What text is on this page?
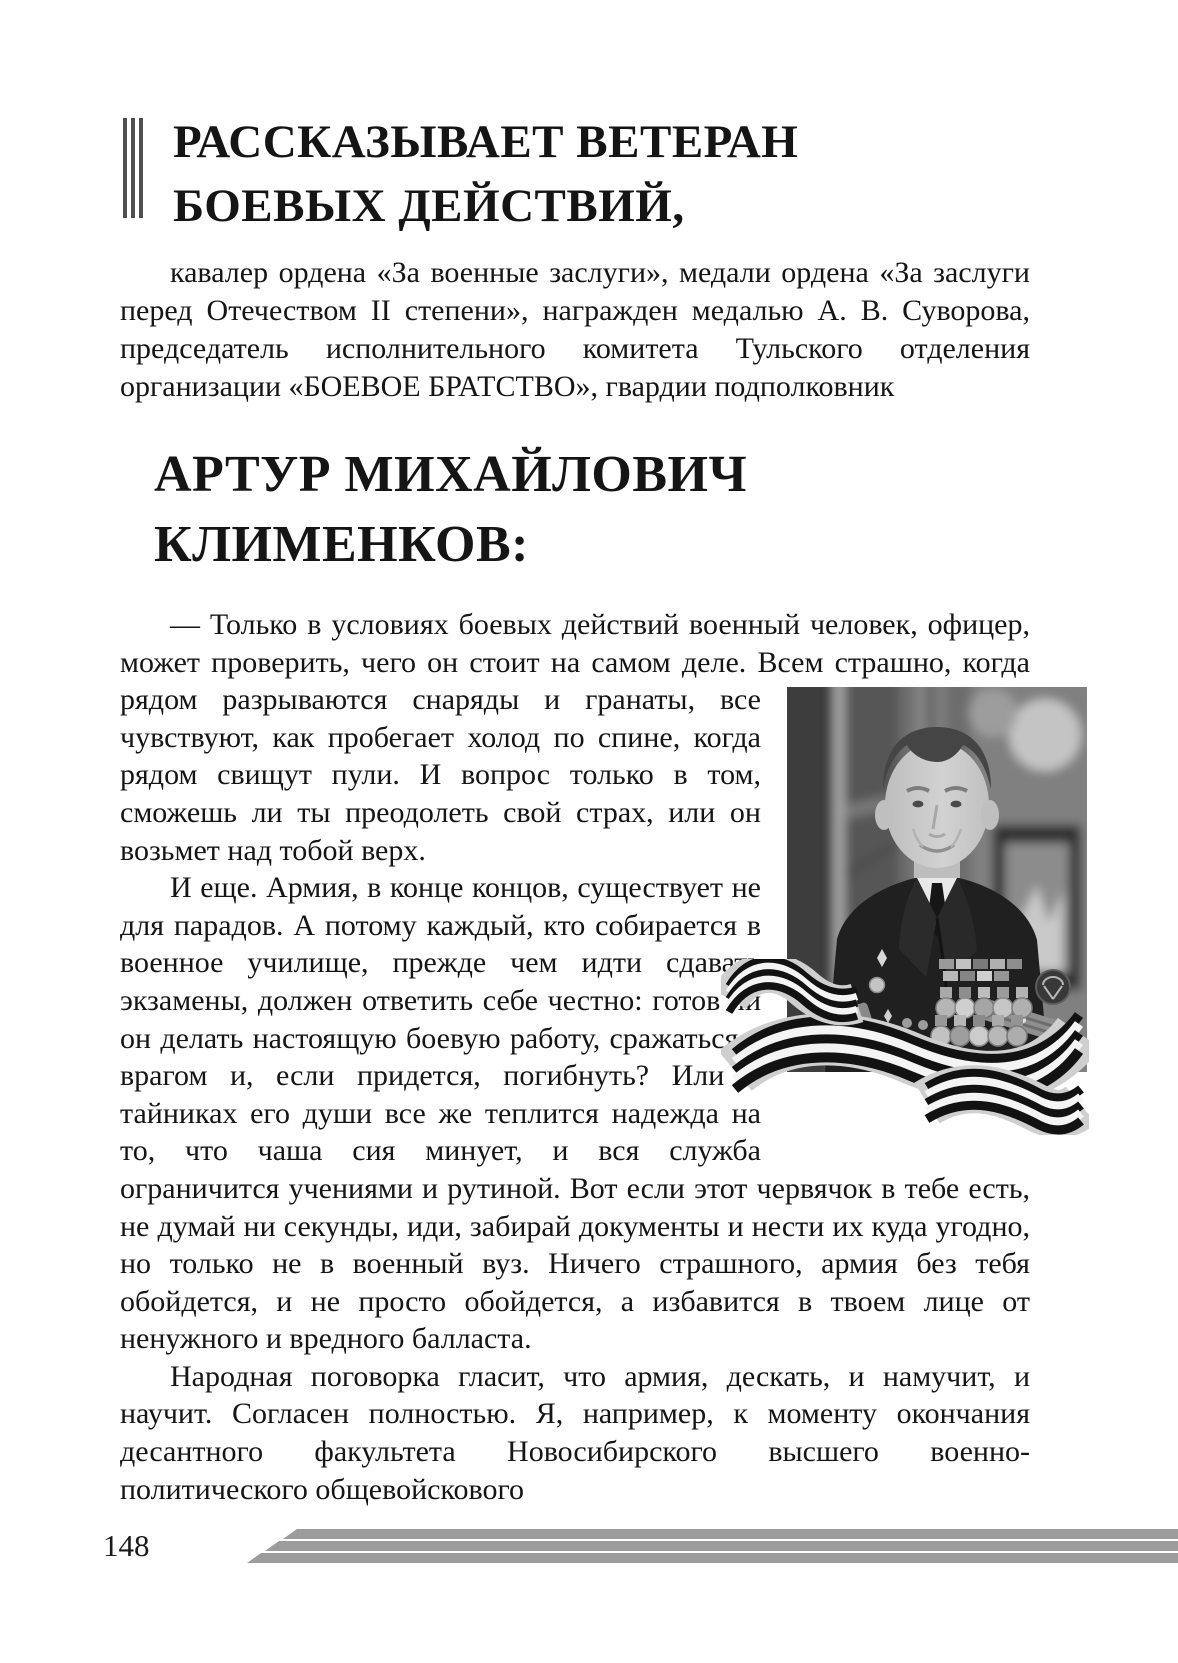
РАССКАЗЫВАЕТ ВЕТЕРАН
БОЕВЫХ ДЕЙСТВИЙ,

кавалер ордена «За военные заслуги», медали ордена «За заслуги перед Отечеством II степени», награжден медалью А. В. Суворова, председатель исполнительного комитета Тульского отделения организации «БОЕВОЕ БРАТСТВО», гвардии подполковник

АРТУР МИХАЙЛОВИЧ
КЛИМЕНКОВ:

— Только в условиях боевых действий военный человек, офицер, может проверить, чего он стоит на самом деле. Всем страшно, когда
рядом разрываются снаряды и гранаты, все чувствуют, как пробегает холод по спине, когда рядом свищут пули. И вопрос только в том, сможешь ли ты преодолеть свой страх, или он возьмет над тобой верх.

И еще. Армия, в конце концов, существует не для парадов. А потому каждый, кто собирается в военное училище, прежде чем идти сдавать экзамены, должен ответить себе честно: готов ли он делать настоящую боевую работу, сражаться с врагом и, если придется, погибнуть? Или в тайниках его души все же теплится надежда на то, что чаша сия минует, и вся служба ограничится учениями и рутиной. Вот если этот червячок в тебе есть, не думай ни секунды, иди, забирай документы и нести их куда угодно, но только не в военный вуз. Ничего страшного, армия без тебя обойдется, и не просто обойдется, а избавится в твоем лице от ненужного и вредного балласта.

Народная поговорка гласит, что армия, дескать, и намучит, и научит. Согласен полностью. Я, например, к моменту окончания десантного факультета Новосибирского высшего военно-политического общевойскового

148
